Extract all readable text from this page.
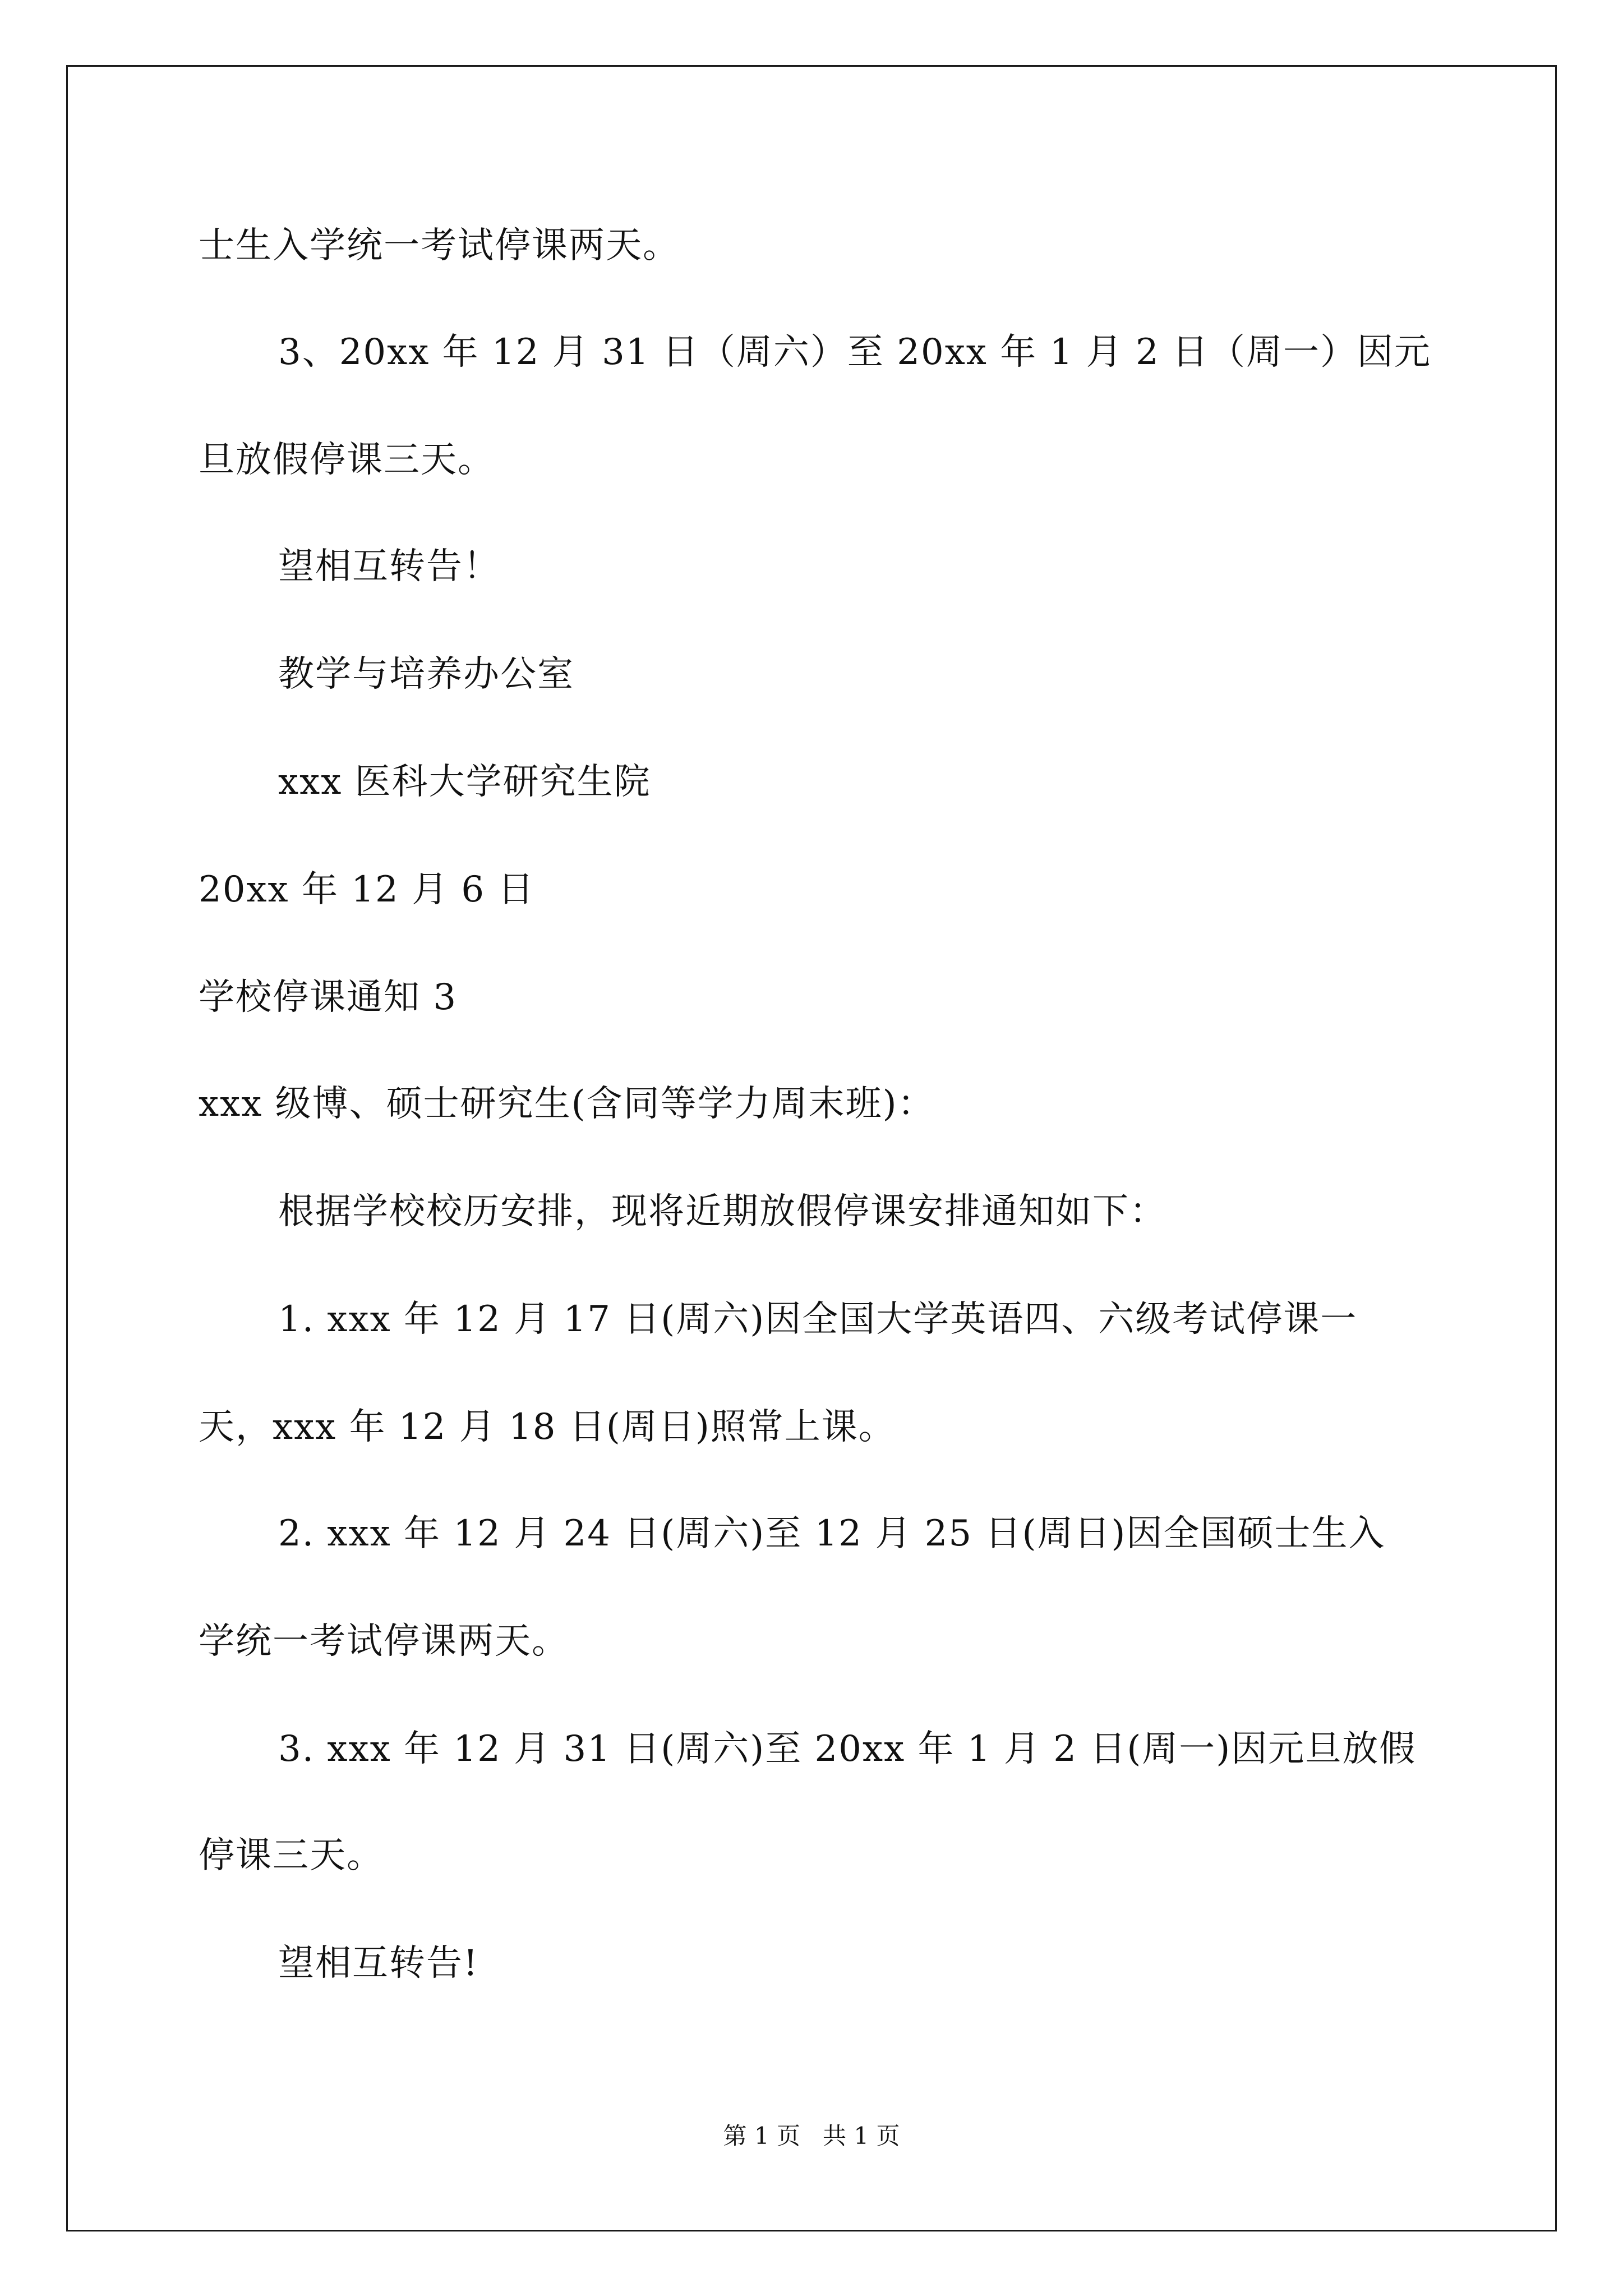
士生入学统一考试停课两天。
3、20xx 年 12 月 31 日（周六）至 20xx 年 1 月 2 日（周一）因元
旦放假停课三天。
望相互转告！
教学与培养办公室
xxx 医科大学研究生院
20xx 年 12 月 6 日
学校停课通知 3
xxx 级博、硕士研究生(含同等学力周末班)：
根据学校校历安排，现将近期放假停课安排通知如下：
1. xxx 年 12 月 17 日(周六)因全国大学英语四、六级考试停课一
天，xxx 年 12 月 18 日(周日)照常上课。
2. xxx 年 12 月 24 日(周六)至 12 月 25 日(周日)因全国硕士生入
学统一考试停课两天。
3. xxx 年 12 月 31 日(周六)至 20xx 年 1 月 2 日(周一)因元旦放假
停课三天。
望相互转告!
第 1 页   共 1 页
